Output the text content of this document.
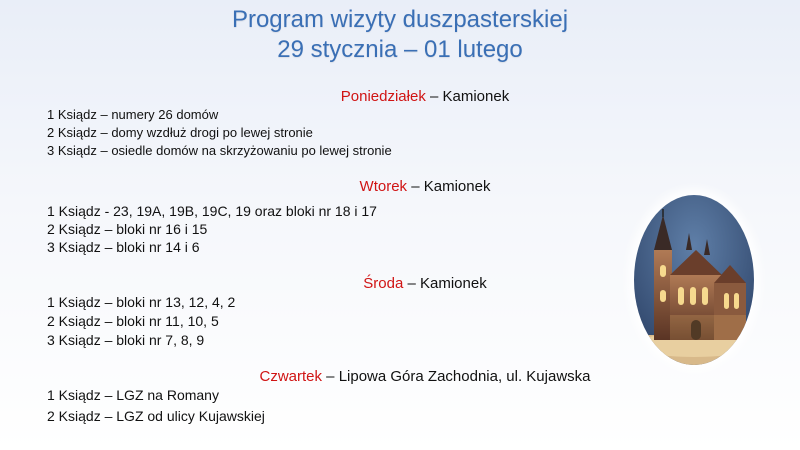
Program wizyty duszpasterskiej
29 stycznia – 01 lutego
Poniedziałek – Kamionek
1 Ksiądz – numery 26 domów
2 Ksiądz – domy wzdłuż drogi po lewej stronie
3 Ksiądz – osiedle domów na skrzyżowaniu po lewej stronie
Wtorek – Kamionek
1 Ksiądz - 23, 19A, 19B, 19C, 19 oraz bloki nr 18 i 17
2 Ksiądz – bloki nr 16 i 15
3 Ksiądz – bloki nr 14 i 6
Środa – Kamionek
1 Ksiądz – bloki nr 13, 12, 4, 2
2 Ksiądz – bloki nr 11, 10, 5
3 Ksiądz – bloki nr 7, 8, 9
Czwartek – Lipowa Góra Zachodnia, ul. Kujawska
1 Ksiądz – LGZ na Romany
2 Ksiądz – LGZ od ulicy Kujawskiej
